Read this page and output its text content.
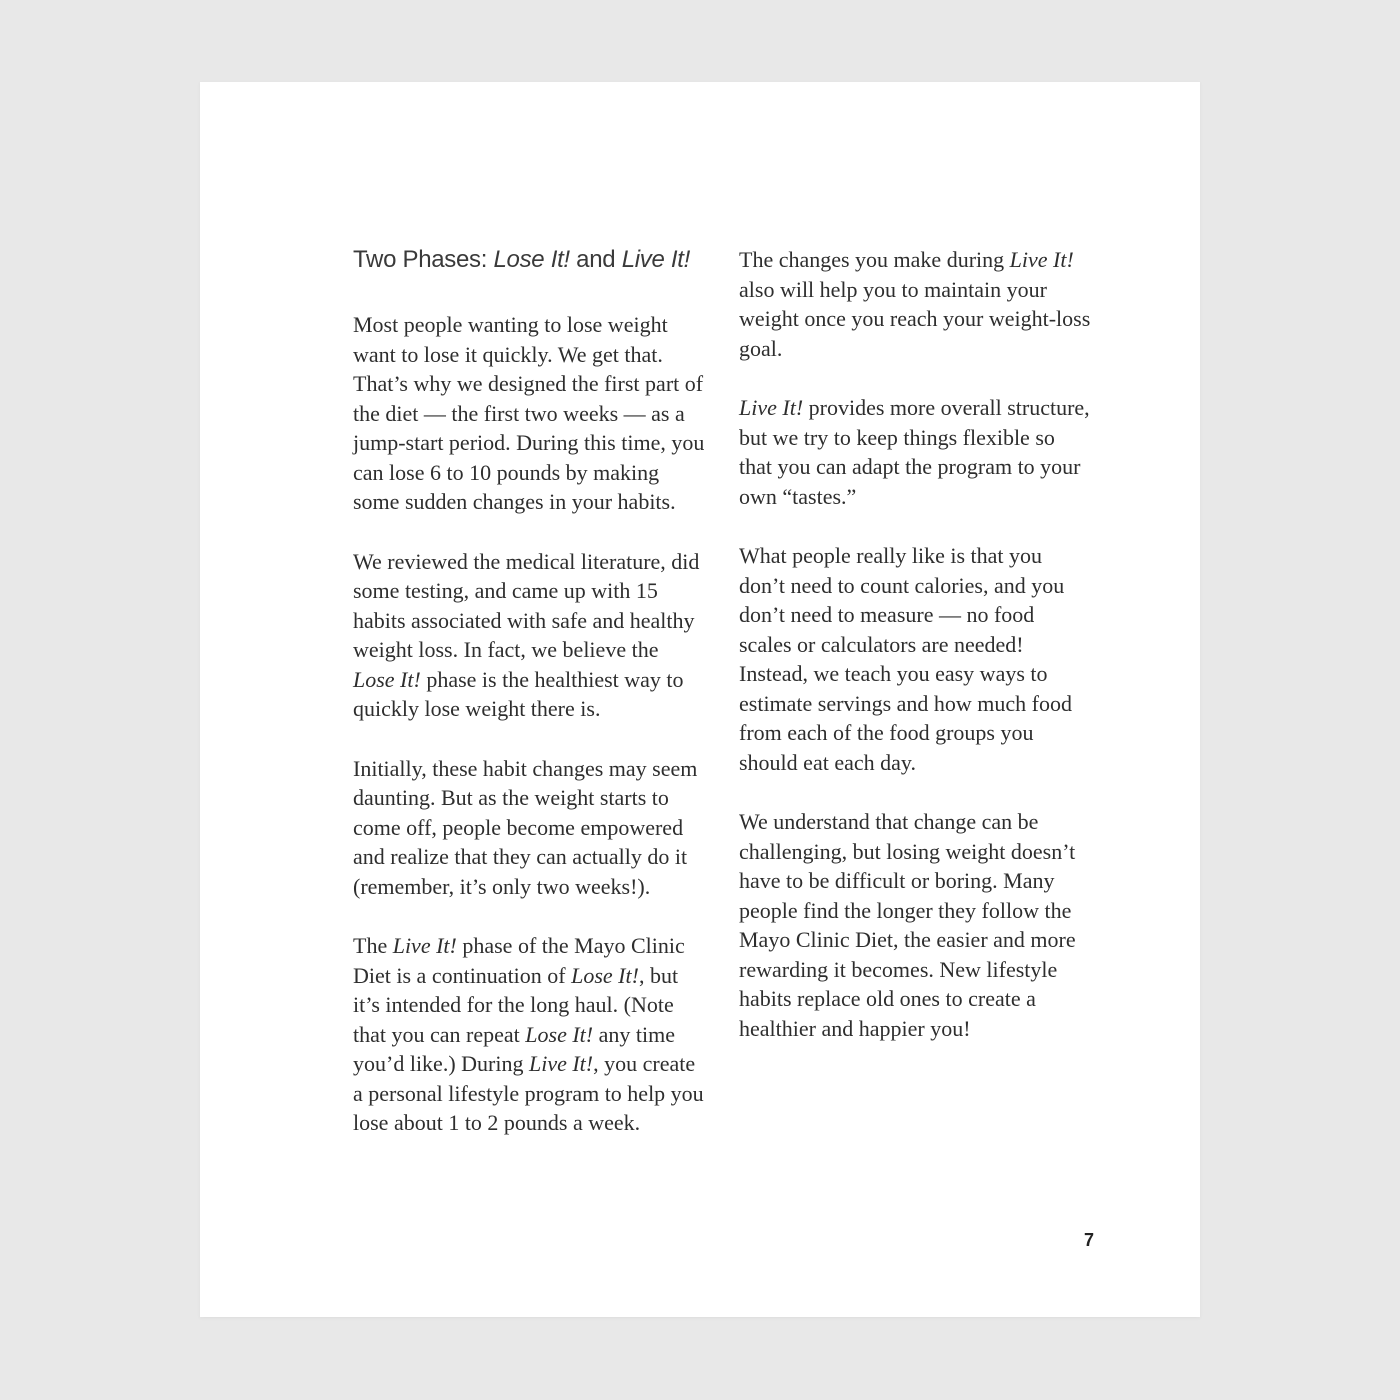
Two Phases: Lose It! and Live It!

Most people wanting to lose weight want to lose it quickly. We get that. That’s why we designed the first part of the diet — the first two weeks — as a jump-start period. During this time, you can lose 6 to 10 pounds by making some sudden changes in your habits.

We reviewed the medical literature, did some testing, and came up with 15 habits associated with safe and healthy weight loss. In fact, we believe the Lose It! phase is the healthiest way to quickly lose weight there is.

Initially, these habit changes may seem daunting. But as the weight starts to come off, people become empowered and realize that they can actually do it (remember, it’s only two weeks!).

The Live It! phase of the Mayo Clinic Diet is a continuation of Lose It!, but it’s intended for the long haul. (Note that you can repeat Lose It! any time you’d like.) During Live It!, you create a personal lifestyle program to help you lose about 1 to 2 pounds a week.

The changes you make during Live It! also will help you to maintain your weight once you reach your weight-loss goal.

Live It! provides more overall structure, but we try to keep things flexible so that you can adapt the program to your own “tastes.”

What people really like is that you don’t need to count calories, and you don’t need to measure — no food scales or calculators are needed! Instead, we teach you easy ways to estimate servings and how much food from each of the food groups you should eat each day.

We understand that change can be challenging, but losing weight doesn’t have to be difficult or boring. Many people find the longer they follow the Mayo Clinic Diet, the easier and more rewarding it becomes. New lifestyle habits replace old ones to create a healthier and happier you!

7
